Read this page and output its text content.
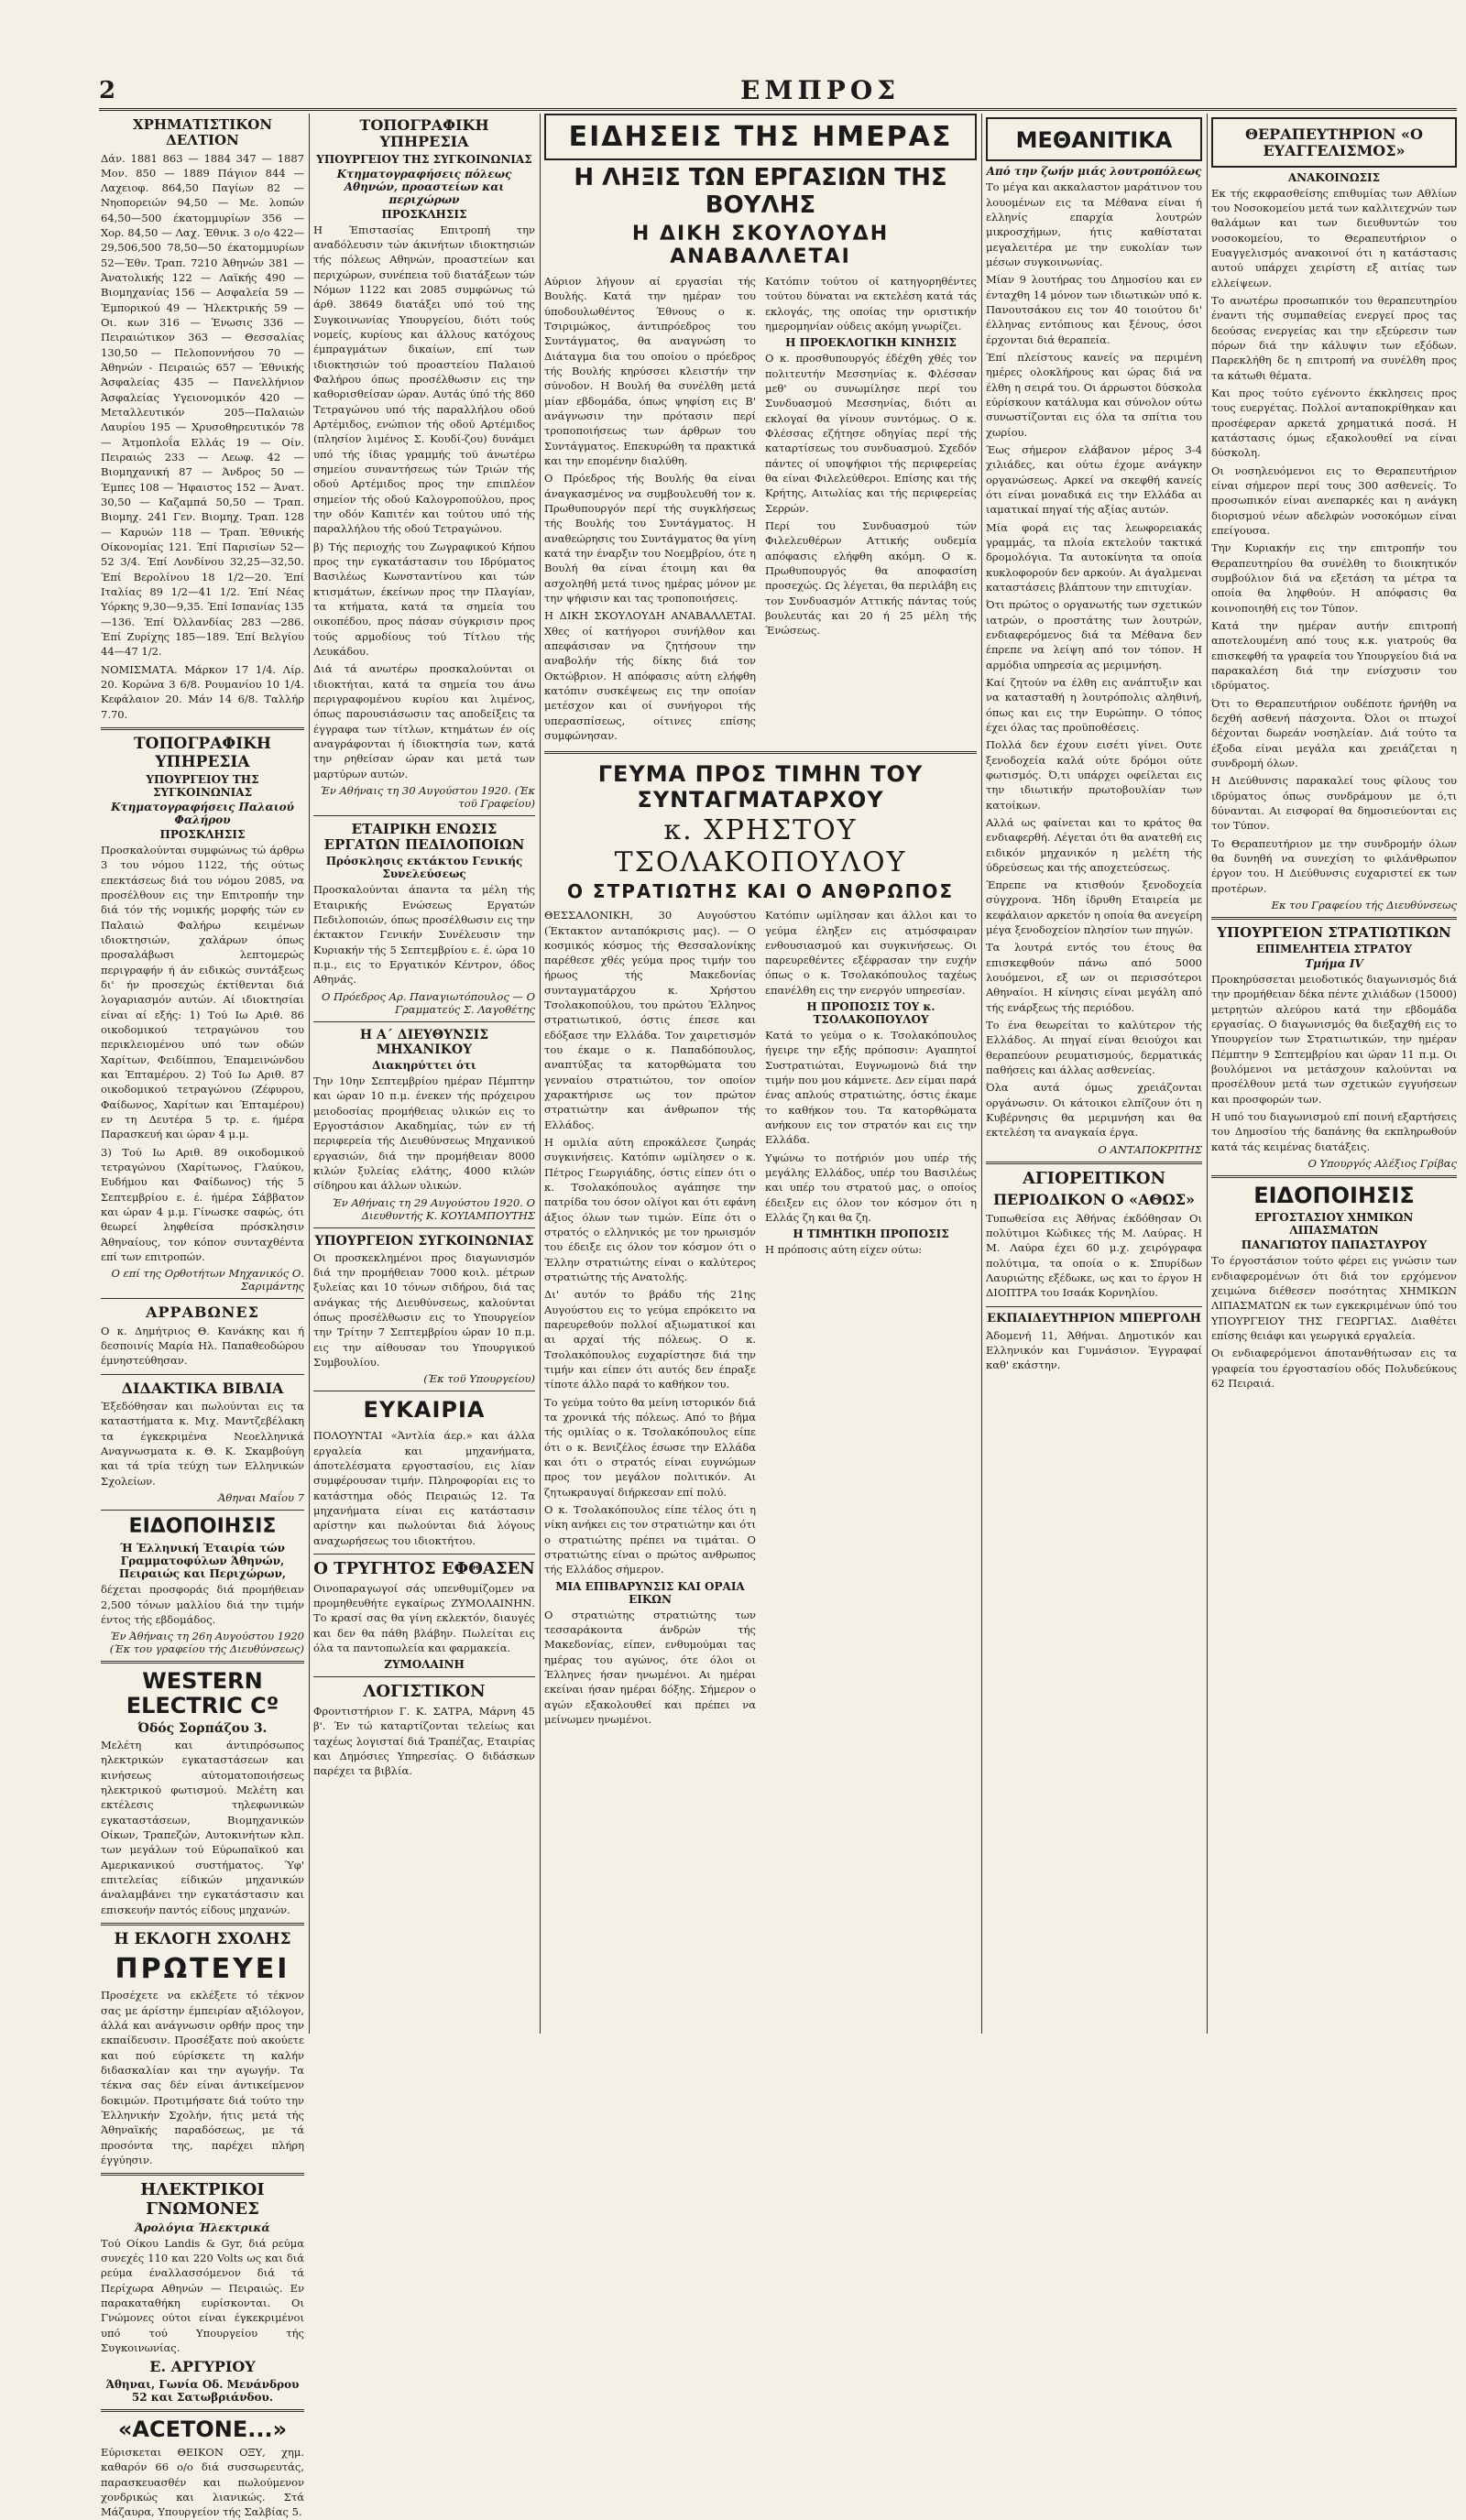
2	ΕΜΠΡΟΣ
ΧΡΗΜΑΤΙΣΤΙΚΟΝ ΔΕΛΤΙΟΝ
Δάν. 1881 863 — 1884 347 — 1887 Μον. 850 — 1889 Πάγιον 844 — Λαχειοφ. 864,50 Παγίων 82 — Νηοπορειών 94,50 — Με. λοπών 64,50—500 έκατομμυρίων 356 — Χορ. 84,50 — Λαχ. Έθνικ. 3 ο/ο 422—29,506,500 78,50—50 έκατομμυρίων 52—Έθν. Τραπ. 7210 Άθηνών 381 — Άνατολικής 122 — Λαϊκής 490 — Βιομηχανίας 156 — Ασφαλεία 59 — Έμπορικού 49 — Ήλεκτρικής 59 — Οι. κων 316 — Ένωσις 336 — Πειραιώτικον 363 — Θεσσαλίας 130,50 — Πελοποννήσου 70 — Άθηνών - Πειραιώς 657 — Έθνικής Άσφαλείας 435 — Πανελλήνιον Άσφαλείας Υγειονομικόν 420 — Μεταλλευτικόν 205—Παλαιών Λαυρίου 195 — Χρυσοθηρευτικόν 78 — Άτμοπλοΐα Ελλάς 19 — Οίν. Πειραιώς 233 — Λεωφ. 42 — Βιομηχανική 87 — Άνδρος 50 — Έμπες 108 — Ήφαιστος 152 — Άνατ. 30,50 — Καζαμπά 50,50 — Τραπ. Βιομηχ. 241 Γεν. Βιομηχ. Τραπ. 128 — Καρυών 118 — Τραπ. Έθνικής Οίκονομίας 121. Έπί Παρισίων 52—52 3/4. Έπί Λονδίνου 32,25—32,50. Έπί Βερολίνου 18 1/2—20. Έπί Ιταλίας 89 1/2—41 1/2. Έπί Νέας Υόρκης 9,30—9,35. Έπί Ισπανίας 135—136. Έπί Όλλανδίας 283 —286. Έπί Ζυρίχης 185—189. Έπί Βελγίου 44—47 1/2.
ΝΟΜΙΣΜΑΤΑ. Μάρκον 17 1/4. Λίρ. 20. Κορώνα 3 6/8. Ρουμανίου 10 1/4. Κεφάλαιον 20. Μάν 14 6/8. Ταλλήρ 7.70.
ΤΟΠΟΓΡΑΦΙΚΗ ΥΠΗΡΕΣΙΑ
ΥΠΟΥΡΓΕΙΟΥ ΤΗΣ ΣΥΓΚΟΙΝΩΝΙΑΣ
Κτηματογραφήσεις Παλαιού Φαλήρου
ΠΡΟΣΚΛΗΣΙΣ
Προσκαλούνται συμφώνως τώ άρθρω 3 του νόμου 1122, τής ούτως επεκτάσεως διά του νόμου 2085, να προσέλθουν εις την Επιτροπήν την διά τόν τής νομικής μορφής τών εν Παλαιώ Φαλήρω κειμένων ιδιοκτησιών, χαλάρων όπως προσαλάβωσι λεπτομερώς περιγραφήν ή άν ειδικώς συντάξεως δι' ήν προσεχώς έκτίθενται διά λογαριασμόν αυτών. Αί ιδιοκτησίαι είναι αί εξής: 1) Τού Ιω Αριθ. 86 οικοδομικού τετραγώνου του περικλειομένου υπό των οδών Χαρίτων, Φειδίππου, Έπαμεινώνδου και Έπταμέρου. 2) Τού Ιω Αριθ. 87 οικοδομικού τετραγώνου (Ζέφυρου, Φαίδωνος, Χαρίτων και Έπταμέρου) εν τη Δευτέρα 5 τρ. ε. ήμέρα Παρασκευή και ώραν 4 μ.μ.
3) Τού Ιω Αριθ. 89 οικοδομικού τετραγώνου (Χαρίτωνος, Γλαύκου, Ευδήμου και Φαίδωνος) τής 5 Σεπτεμβρίου ε. έ. ήμέρα Σάββατον και ώραν 4 μ.μ. Γίνωσκε σαφώς, ότι θεωρεί ληφθείσα πρόσκλησιν Άθηναίους, τον κόπον συνταχθέντα επί των επιτροπών.
Ο επί της Ορθοτήτων Μηχανικός Ο. Σαριμάντης
ΑΡΡΑΒΩΝΕΣ
Ο κ. Δημήτριος Θ. Κανάκης και ή δεσποινίς Μαρία Ηλ. Παπαθεοδώρου έμνηστεύθησαν.
ΔΙΔΑΚΤΙΚΑ ΒΙΒΛΙΑ
Έξεδόθησαν και πωλούνται εις τα καταστήματα κ. Μιχ. Μαντζεβέλακη τα έγκεκριμένα Νεοελληνικά Αναγνωσματα κ. Θ. Κ. Σκαμβούγη και τά τρία τεύχη των Ελληνικών Σχολείων.
Άθηναι Μαΐου 7
ΕΙΔΟΠΟΙΗΣΙΣ
Ή Έλληνική Έταιρία τών Γραμματοφύλων Άθηνών, Πειραιώς και Περιχώρων,
δέχεται προσφοράς διά προμήθειαν 2,500 τόνων μαλλίου διά την τιμήν έντος τής εβδομάδος.
Έν Άθήναις τη 26η Αυγούστου 1920 (Έκ του γραφείου τής Διευθύνσεως)
WESTERN ELECTRIC Cº
Όδός Σορπάζου 3.
Μελέτη και άντιπρόσωπος ηλεκτρικών εγκαταστάσεων και κινήσεως αύτοματοποιήσεως ηλεκτρικού φωτισμού. Μελέτη και εκτέλεσις τηλεφωνικών εγκαταστάσεων, Βιομηχανικών Οίκων, Τραπεζών, Αυτοκινήτων κλπ. των μεγάλων τού Εύρωπαϊκού και Αμερικανικού συστήματος. Ύφ' επιτελείας είδικών μηχανικών άναλαμβάνει την εγκατάστασιν και επισκευήν παντός είδους μηχανών.
Η ΕΚΛΟΓΗ ΣΧΟΛΗΣ
ΠΡΩΤΕΥΕΙ
Προσέχετε να εκλέξετε τό τέκνον σας με άρίστην έμπειρίαν αξιόλογον, άλλά και ανάγνωσιν ορθήν προς την εκπαίδευσιν. Προσέξατε πού ακούετε και πού εύρίσκετε τη καλήν διδασκαλίαν και την αγωγήν. Τα τέκνα σας δέν είναι άντικείμενον δοκιμών. Προτιμήσατε διά τούτο την Έλληνικήν Σχολήν, ήτις μετά τής Άθηναϊκής παραδόσεως, με τά προσόντα της, παρέχει πλήρη έγγύησιν.
ΗΛΕΚΤΡΙΚΟΙ ΓΝΩΜΟΝΕΣ
Άρολόγια Ήλεκτρικά
Τού Οίκου Landis & Gyr, διά ρεύμα συνεχές 110 και 220 Volts ως και διά ρεύμα έναλλασσόμενον διά τά Περίχωρα Αθηνών — Πειραιώς. Εν παρακαταθήκη ευρίσκονται. Οι Γνώμονες ούτοι είναι έγκεκριμένοι υπό τού Υπουργείου τής Συγκοινωνίας.
Ε. ΑΡΓΥΡΙΟΥ
Άθηναι, Γωνία Οδ. Μενάνδρου 52 και Σατωβριάνδου.
«ACETONE...»
Εύρισκεται ΘΕΙΚΟΝ ΟΞΥ, χημ. καθαρόν 66 ο/ο διά συσσωρευτάς, παρασκευασθέν και πωλούμενον χονδρικώς και λιανικώς. Στά Μάζαυρα, Υπουργείον τής Σαλβίας 5.
ΤΟΠΟΓΡΑΦΙΚΗ ΥΠΗΡΕΣΙΑ
ΥΠΟΥΡΓΕΙΟΥ ΤΗΣ ΣΥΓΚΟΙΝΩΝΙΑΣ
Κτηματογραφήσεις πόλεως Αθηνών, προαστείων και περιχώρων
ΠΡΟΣΚΛΗΣΙΣ
Η Έπιστασίας Επιτροπή την αναδόλευσιν τών άκινήτων ιδιοκτησιών τής πόλεως Αθηνών, προαστείων και περιχώρων, συνέπεια τοϋ διατάξεων τών Νόμων 1122 και 2085 συμφώνως τώ άρθ. 38649 διατάξει υπό τού της Συγκοινωνίας Υπουργείου, διότι τούς νομείς, κυρίους και άλλους κατόχους έμπραγμάτων δικαίων, επί των ιδιοκτησιών τού προαστείου Παλαιού Φαλήρου όπως προσέλθωσιν εις την καθορισθείσαν ώραν. Αυτάς ύπό τής 860 Τετραγώνου υπό τής παραλλήλου οδού Αρτέμιδος, ενώπιον τής οδού Αρτέμιδος (πλησίον λιμένος Σ. Κουδί-ζου) δυνάμει υπό τής ίδιας γραμμής τοϋ άνωτέρω σημείου συναντήσεως τών Τριών τής οδού Αρτέμιδος προς την επιπλέον σημείον τής οδού Καλογροπούλου, προς την οδόν Καπιτέν και τούτου υπό τής παραλλήλου τής οδού Τετραγώνου.
β) Τής περιοχής του Ζωγραφικού Κήπου προς την εγκατάστασιν του Ιδρύματος Βασιλέως Κωνσταντίνου και τών κτισμάτων, έκείνων προς την Πλαγίαν, τα κτήματα, κατά τα σημεία του οικοπέδου, προς πάσαν σύγκρισιν προς τούς αρμοδίους τού Τίτλου τής Λευκάδου.
Διά τά ανωτέρω προσκαλούνται οι ιδιοκτήται, κατά τα σημεία του άνω περιγραφομένου κυρίου και λιμένος, όπως παρουσιάσωσιν τας αποδείξεις τα έγγραφα των τίτλων, κτημάτων έν οίς αναγράφονται ή ίδιοκτησία των, κατά την ρηθείσαν ώραν και μετά των μαρτύρων αυτών.
Έν Αθήναις τη 30 Αυγούστου 1920. (Έκ τοϋ Γραφείου)
ΕΤΑΙΡΙΚΗ ΕΝΩΣΙΣ ΕΡΓΑΤΩΝ ΠΕΔΙΛΟΠΟΙΩΝ
Πρόσκλησις εκτάκτου Γενικής Συνελεύσεως
Προσκαλούνται άπαντα τα μέλη τής Εταιρικής Ενώσεως Εργατών Πεδιλοποιών, όπως προσέλθωσιν εις την έκτακτον Γενικήν Συνέλευσιν την Κυριακήν τής 5 Σεπτεμβρίου ε. έ. ώρα 10 π.μ., εις το Εργατικόν Κέντρον, όδος Αθηνάς.
Ο Πρόεδρος Αρ. Παναγιωτόπουλος — Ο Γραμματεύς Σ. Λαγοθέτης
Η Α΄ ΔΙΕΥΘΥΝΣΙΣ ΜΗΧΑΝΙΚΟΥ
Διακηρύττει ότι
Την 10ην Σεπτεμβρίου ημέραν Πέμπτην και ώραν 10 π.μ. ένεκεν τής πρόχειρου μειοδοσίας προμήθειας υλικών εις το Εργοστάσιον Ακαδημίας, τών εν τή περιφερεία τής Διευθύνσεως Μηχανικού εργασιών, διά την προμήθειαν 8000 κιλών ξυλείας ελάτης, 4000 κιλών σίδηρου και άλλων υλικών.
Έν Αθήναις τη 29 Αυγούστου 1920. Ο Διευθυντής Κ. ΚΟΥΙΑΜΠΟΥΤΗΣ
ΥΠΟΥΡΓΕΙΟΝ ΣΥΓΚΟΙΝΩΝΙΑΣ
Οι προσκεκλημένοι προς διαγωνισμόν διά την προμήθειαν 7000 κοιλ. μέτρων ξυλείας και 10 τόνων σιδήρου, διά τας ανάγκας τής Διευθύνσεως, καλούνται όπως προσέλθωσιν εις το Υπουργείον την Τρίτην 7 Σεπτεμβρίου ώραν 10 π.μ. εις την αίθουσαν του Υπουργικού Συμβουλίου.
(Έκ τοϋ Υπουργείου)
ΕΥΚΑΙΡΙΑ
ΠΟΛΟΥΝΤΑΙ «Άντλία άερ.» και άλλα εργαλεία και μηχανήματα, άποτελέσματα εργοστασίου, εις λίαν συμφέρουσαν τιμήν. Πληροφορίαι εις το κατάστημα οδός Πειραιώς 12. Τα μηχανήματα είναι εις κατάστασιν αρίστην και πωλούνται διά λόγους αναχωρήσεως του ιδιοκτήτου.
Ο ΤΡΥΓΗΤΟΣ ΕΦΘΑΣΕΝ
Οινοπαραγωγοί σάς υπενθυμίζομεν να προμηθευθήτε εγκαίρως ΖΥΜΟΛΑΙΝΗΝ. Το κρασί σας θα γίνη εκλεκτόν, διαυγές και δεν θα πάθη βλάβην. Πωλείται εις όλα τα παντοπωλεία και φαρμακεία.
ΖΥΜΟΛΑΙΝΗ
ΛΟΓΙΣΤΙΚΟΝ
Φροντιστήριον Γ. Κ. ΣΑΤΡΑ, Μάρνη 45 β'. Έν τώ καταρτίζονται τελείως και ταχέως λογισταί διά Τραπέζας, Εταιρίας και Δημόσιες Υπηρεσίας. Ο διδάσκων παρέχει τα βιβλία.
ΕΙΔΗΣΕΙΣ ΤΗΣ ΗΜΕΡΑΣ
Η ΛΗΞΙΣ ΤΩΝ ΕΡΓΑΣΙΩΝ ΤΗΣ ΒΟΥΛΗΣ
Η ΔΙΚΗ ΣΚΟΥΛΟΥΔΗ ΑΝΑΒΑΛΛΕΤΑΙ
Αύριον λήγουν αί εργασίαι τής Βουλής. Κατά την ημέραν του ύποδουλωθέντος Έθνους ο κ. Τσιριμώκος, άντιπρόεδρος του Συντάγματος, θα αναγνώση το Διάταγμα δια του οποίου ο πρόεδρος τής Βουλής κηρύσσει κλειστήν την σύνοδον. Η Βουλή θα συνέλθη μετά μίαν εβδομάδα, όπως ψηφίση εις Β' ανάγνωσιν την πρότασιν περί τροποποιήσεως των άρθρων του Συντάγματος. Επεκυρώθη τα πρακτικά και την επομένην διαλύθη.
Ο Πρόεδρος τής Βουλής θα είναι άναγκασμένος να συμβουλευθή τον κ. Πρωθυπουργόν περί τής συγκλήσεως τής Βουλής του Συντάγματος. Η αναθεώρησις του Συντάγματος θα γίνη κατά την έναρξιν του Νοεμβρίου, ότε η Βουλή θα είναι έτοιμη και θα ασχοληθή μετά τινος ημέρας μόνον με την ψήφισιν και τας τροποποιήσεις.
Η ΔΙΚΗ ΣΚΟΥΛΟΥΔΗ ΑΝΑΒΑΛΛΕΤΑΙ. Χθες οί κατήγοροι συνήλθον και απεφάσισαν να ζητήσουν την αναβολήν τής δίκης διά τον Οκτώβριον. Η απόφασις αύτη ελήφθη κατόπιν συσκέψεως εις την οποίαν μετέσχον και οί συνήγοροι τής υπερασπίσεως, οίτινες επίσης συμφώνησαν.
Κατόπιν τούτου οί κατηγορηθέντες τούτου δύναται να εκτελέση κατά τάς εκλογάς, της οποίας την οριστικήν ημερομηνίαν ούδεις ακόμη γνωρίζει.
Η ΠΡΟΕΚΛΟΓΙΚΗ ΚΙΝΗΣΙΣ
Ο κ. προσθυπουργός έδέχθη χθές τον πολιτευτήν Μεσσηνίας κ. Φλέσσαν μεθ' ου συνωμίλησε περί του Συνδυασμού Μεσσηνίας, διότι αι εκλογαί θα γίνουν συντόμως. Ο κ. Φλέσσας εζήτησε οδηγίας περί τής καταρτίσεως του συνδυασμού. Σχεδόν πάντες οί υποψήφιοι τής περιφερείας θα είναι Φιλελεύθεροι. Επίσης και τής Κρήτης, Αιτωλίας και τής περιφερείας Σερρών.
Περί του Συνδυασμού τών Φιλελευθέρων Αττικής ουδεμία απόφασις ελήφθη ακόμη. Ο κ. Πρωθυπουργός θα αποφασίση προσεχώς. Ως λέγεται, θα περιλάβη εις τον Συνδυασμόν Αττικής πάντας τούς βουλευτάς και 20 ή 25 μέλη τής Ένώσεως.
ΓΕΥΜΑ ΠΡΟΣ ΤΙΜΗΝ ΤΟΥ ΣΥΝΤΑΓΜΑΤΑΡΧΟΥ
κ. ΧΡΗΣΤΟΥ ΤΣΟΛΑΚΟΠΟΥΛΟΥ
Ο ΣΤΡΑΤΙΩΤΗΣ ΚΑΙ Ο ΑΝΘΡΩΠΟΣ
ΘΕΣΣΑΛΟΝΙΚΗ, 30 Αυγούστου (Έκτακτον ανταπόκρισις μας). — Ο κοσμικός κόσμος τής Θεσσαλονίκης παρέθεσε χθές γεύμα προς τιμήν του ήρωος τής Μακεδονίας συνταγματάρχου κ. Χρήστου Τσολακοπούλου, του πρώτου Έλληνος στρατιωτικού, όστις έπεσε και εδόξασε την Ελλάδα. Τον χαιρετισμόν του έκαμε ο κ. Παπαδόπουλος, αναπτύξας τα κατορθώματα του γενναίου στρατιώτου, τον οποίον χαρακτήρισε ως τον πρώτον στρατιώτην και άνθρωπον τής Ελλάδος.
Η ομιλία αύτη επροκάλεσε ζωηράς συγκινήσεις. Κατόπιν ωμίλησεν ο κ. Πέτρος Γεωργιάδης, όστις είπεν ότι ο κ. Τσολακόπουλος αγάπησε την πατρίδα του όσον ολίγοι και ότι εφάνη άξιος όλων των τιμών. Είπε ότι ο στρατός ο ελληνικός με τον ηρωισμόν του έδειξε εις όλον τον κόσμον ότι ο Έλλην στρατιώτης είναι ο καλύτερος στρατιώτης τής Ανατολής.
Δι' αυτόν το βράδυ τής 21ης Αυγούστου εις το γεύμα επρόκειτο να παρευρεθούν πολλοί αξιωματικοί και αι αρχαί τής πόλεως. Ο κ. Τσολακόπουλος ευχαρίστησε διά την τιμήν και είπεν ότι αυτός δεν έπραξε τίποτε άλλο παρά το καθήκον του.
Το γεύμα τούτο θα μείνη ιστορικόν διά τα χρονικά τής πόλεως. Από το βήμα τής ομιλίας ο κ. Τσολακόπουλος είπε ότι ο κ. Βενιζέλος έσωσε την Ελλάδα και ότι ο στρατός είναι ευγνώμων προς τον μεγάλον πολιτικόν. Αι ζητωκραυγαί διήρκεσαν επί πολύ.
Ο κ. Τσολακόπουλος είπε τέλος ότι η νίκη ανήκει εις τον στρατιώτην και ότι ο στρατιώτης πρέπει να τιμάται. Ο στρατιώτης είναι ο πρώτος ανθρωπος τής Ελλάδος σήμερον.
ΜΙΑ ΕΠΙΒΑΡΥΝΣΙΣ ΚΑΙ ΟΡΑΙΑ ΕΙΚΩΝ
Ο στρατιώτης στρατιώτης των τεσσαράκοντα άνδρών τής Μακεδονίας, είπεν, ενθυμούμαι τας ημέρας του αγώνος, ότε όλοι οι Έλληνες ήσαν ηνωμένοι. Αι ημέραι εκείναι ήσαν ημέραι δόξης. Σήμερον ο αγών εξακολουθεί και πρέπει να μείνωμεν ηνωμένοι.
Κατόπιν ωμίλησαν και άλλοι και το γεύμα έληξεν εις ατμόσφαιραν ενθουσιασμού και συγκινήσεως. Οι παρευρεθέντες εξέφρασαν την ευχήν όπως ο κ. Τσολακόπουλος ταχέως επανέλθη εις την ενεργόν υπηρεσίαν.
Η ΠΡΟΠΟΣΙΣ ΤΟΥ κ. ΤΣΟΛΑΚΟΠΟΥΛΟΥ
Κατά το γεύμα ο κ. Τσολακόπουλος ήγειρε την εξής πρόποσιν: Αγαπητοί Συστρατιώται, Ευγνωμονώ διά την τιμήν που μου κάμνετε. Δεν είμαι παρά ένας απλούς στρατιώτης, όστις έκαμε το καθήκον του. Τα κατορθώματα ανήκουν εις τον στρατόν και εις την Ελλάδα.
Υψώνω το ποτήριόν μου υπέρ τής μεγάλης Ελλάδος, υπέρ του Βασιλέως και υπέρ του στρατού μας, ο οποίος έδειξεν εις όλον τον κόσμον ότι η Ελλάς ζη και θα ζη.
Η ΤΙΜΗΤΙΚΗ ΠΡΟΠΟΣΙΣ
Η πρόποσις αύτη είχεν ούτω:
ΜΕΘΑΝΙΤΙΚΑ
Από την ζωήν μιάς λουτροπόλεως
Το μέγα και ακκαλαστον μαράτινον του λουομένων εις τα Μέθανα είναι ή ελληνίς επαρχία λουτρών μικροσχήμων, ήτις καθίσταται μεγαλειτέρα με την ευκολίαν των μέσων συγκοινωνίας.
Μίαν 9 λουτήρας του Δημοσίου και εν ένταχθη 14 μόνον των ιδιωτικών υπό κ. Πανουτσάκου εις τον 40 τοιούτου δι' έλληνας εντόπιους και ξένους, όσοι έρχονται διά θεραπεία.
Έπί πλείστους κανείς να περιμένη ημέρες ολοκλήρους και ώρας διά να έλθη η σειρά του. Οι άρρωστοι δύσκολα εύρίσκουν κατάλυμα και σύνολον ούτω συνωστίζονται εις όλα τα σπίτια του χωρίου.
Έως σήμερον ελάβανον μέρος 3-4 χιλιάδες, και ούτω έχομε ανάγκην οργανώσεως. Αρκεί να σκεφθή κανείς ότι είναι μοναδικά εις την Ελλάδα αι ιαματικαί πηγαί τής αξίας αυτών.
Μία φορά εις τας λεωφορειακάς γραμμάς, τα πλοία εκτελούν τακτικά δρομολόγια. Τα αυτοκίνητα τα οποία κυκλοφορούν δεν αρκούν. Αι άγαλμεναι καταστάσεις βλάπτουν την επιτυχίαν.
Ότι πρώτος ο οργανωτής των σχετικών ιατρών, ο προστάτης των λουτρών, ενδιαφερόμενος διά τα Μέθανα δεν έπρεπε να λείψη από τον τόπον. Η αρμόδια υπηρεσία ας μεριμνήση.
Καί ζητούν να έλθη εις ανάπτυξιν και να κατασταθή η λουτρόπολις αληθινή, όπως και εις την Ευρώπην. Ο τόπος έχει όλας τας προϋποθέσεις.
Πολλά δεν έχουν εισέτι γίνει. Ουτε ξενοδοχεία καλά ούτε δρόμοι ούτε φωτισμός. Ό,τι υπάρχει οφείλεται εις την ιδιωτικήν πρωτοβουλίαν των κατοίκων.
Αλλά ως φαίνεται και το κράτος θα ενδιαφερθή. Λέγεται ότι θα ανατεθή εις ειδικόν μηχανικόν η μελέτη τής ύδρεύσεως και τής αποχετεύσεως.
Έπρεπε να κτισθούν ξενοδοχεία σύγχρονα. Ήδη ίδρυθη Εταιρεία με κεφάλαιον αρκετόν η οποία θα ανεγείρη μέγα ξενοδοχείον πλησίον των πηγών.
Τα λουτρά εντός του έτους θα επισκεφθούν πάνω από 5000 λουόμενοι, εξ ων οι περισσότεροι Αθηναίοι. Η κίνησις είναι μεγάλη από τής ενάρξεως τής περιόδου.
Το ένα θεωρείται το καλύτερον τής Ελλάδος. Αι πηγαί είναι θειούχοι και θεραπεύουν ρευματισμούς, δερματικάς παθήσεις και άλλας ασθενείας.
Όλα αυτά όμως χρειάζονται οργάνωσιν. Οι κάτοικοι ελπίζουν ότι η Κυβέρνησις θα μεριμνήση και θα εκτελέση τα αναγκαία έργα.
Ο ΑΝΤΑΠΟΚΡΙΤΗΣ
ΑΓΙΟΡΕΙΤΙΚΟΝ
ΠΕΡΙΟΔΙΚΟΝ Ο «ΑΘΩΣ»
Τυπωθείσα εις Άθήνας έκδόθησαν Οι πολύτιμοι Κώδικες τής Μ. Λαύρας. Η Μ. Λαύρα έχει 60 μ.χ. χειρόγραφα πολύτιμα, τα οποία ο κ. Σπυρίδων Λαυριώτης εξέδωκε, ως και το έργον Η ΔΙΟΠΤΡΑ του Ισαάκ Κορνηλίου.
ΕΚΠΑΙΔΕΥΤΗΡΙΟΝ ΜΠΕΡΓΟΛΗ
Άδομενή 11, Άθήναι. Δημοτικόν και Ελληνικόν και Γυμνάσιον. Έγγραφαί καθ' εκάστην.
ΘΕΡΑΠΕΥΤΗΡΙΟΝ «Ο ΕΥΑΓΓΕΛΙΣΜΟΣ»
ΑΝΑΚΟΙΝΩΣΙΣ
Εκ τής εκφρασθείσης επιθυμίας των Αθλίων του Νοσοκομείου μετά των καλλιτεχνών των θαλάμων και των διευθυντών του νοσοκομείου, το Θεραπευτήριον ο Ευαγγελισμός ανακοινοί ότι η κατάστασις αυτού υπάρχει χειρίστη εξ αιτίας των ελλείψεων.
Το ανωτέρω προσωπικόν του θεραπευτηρίου έναντι τής συμπαθείας ενεργεί προς τας δεούσας ενεργείας και την εξεύρεσιν των πόρων διά την κάλυψιν των εξόδων. Παρεκλήθη δε η επιτροπή να συνέλθη προς τα κάτωθι θέματα.
Και προς τούτο εγένοντο έκκλησεις προς τους ευεργέτας. Πολλοί ανταποκρίθηκαν και προσέφεραν αρκετά χρηματικά ποσά. Η κατάστασις όμως εξακολουθεί να είναι δύσκολη.
Οι νοσηλευόμενοι εις το Θεραπευτήριον είναι σήμερον περί τους 300 ασθενείς. Το προσωπικόν είναι ανεπαρκές και η ανάγκη διορισμού νέων αδελφών νοσοκόμων είναι επείγουσα.
Την Κυριακήν εις την επιτροπήν του Θεραπευτηρίου θα συνέλθη το διοικητικόν συμβούλιον διά να εξετάση τα μέτρα τα οποία θα ληφθούν. Η απόφασις θα κοινοποιηθή εις τον Τύπον.
Κατά την ημέραν αυτήν επιτροπή αποτελουμένη από τους κ.κ. γιατρούς θα επισκεφθή τα γραφεία του Υπουργείου διά να παρακαλέση διά την ενίσχυσιν του ιδρύματος.
Ότι το Θεραπευτήριον ουδέποτε ήρνήθη να δεχθή ασθενή πάσχοντα. Όλοι οι πτωχοί δέχονται δωρεάν νοσηλείαν. Διά τούτο τα έξοδα είναι μεγάλα και χρειάζεται η συνδρομή όλων.
Η Διεύθυνσις παρακαλεί τους φίλους του ιδρύματος όπως συνδράμουν με ό,τι δύνανται. Αι εισφοραί θα δημοσιεύονται εις τον Τύπον.
Το Θεραπευτήριον με την συνδρομήν όλων θα δυνηθή να συνεχίση το φιλάνθρωπον έργον του. Η Διεύθυνσις ευχαριστεί εκ των προτέρων.
Εκ του Γραφείου τής Διευθύνσεως
ΥΠΟΥΡΓΕΙΟΝ ΣΤΡΑΤΙΩΤΙΚΩΝ
ΕΠΙΜΕΛΗΤΕΙΑ ΣΤΡΑΤΟΥ
Τμήμα IV
Προκηρύσσεται μειοδοτικός διαγωνισμός διά την προμήθειαν δέκα πέντε χιλιάδων (15000) μετρητών αλεύρου κατά την εβδομάδα εργασίας. Ο διαγωνισμός θα διεξαχθή εις το Υπουργείον των Στρατιωτικών, την ημέραν Πέμπτην 9 Σεπτεμβρίου και ώραν 11 π.μ. Οι βουλόμενοι να μετάσχουν καλούνται να προσέλθουν μετά των σχετικών εγγυήσεων και προσφορών των.
Η υπό του διαγωνισμού επί ποινή εξαρτήσεις του Δημοσίου τής δαπάνης θα εκπληρωθούν κατά τάς κειμένας διατάξεις.
Ο Υπουργός Αλέξιος Γρίβας
ΕΙΔΟΠΟΙΗΣΙΣ
ΕΡΓΟΣΤΑΣΙΟΥ ΧΗΜΙΚΩΝ ΛΙΠΑΣΜΑΤΩΝ
ΠΑΝΑΓΙΩΤΟΥ ΠΑΠΑΣΤΑΥΡΟΥ
Το έργοστάσιον τούτο φέρει εις γνώσιν των ενδιαφερομένων ότι διά τον ερχόμενον χειμώνα διέθεσεν ποσότητας ΧΗΜΙΚΩΝ ΛΙΠΑΣΜΑΤΩΝ εκ των εγκεκριμένων ύπό του ΥΠΟΥΡΓΕΙΟΥ ΤΗΣ ΓΕΩΡΓΙΑΣ. Διαθέτει επίσης θειάφι και γεωργικά εργαλεία.
Οι ενδιαφερόμενοι άποτανθήτωσαν εις τα γραφεία του έργοστασίου οδός Πολυδεύκους 62 Πειραιά.
